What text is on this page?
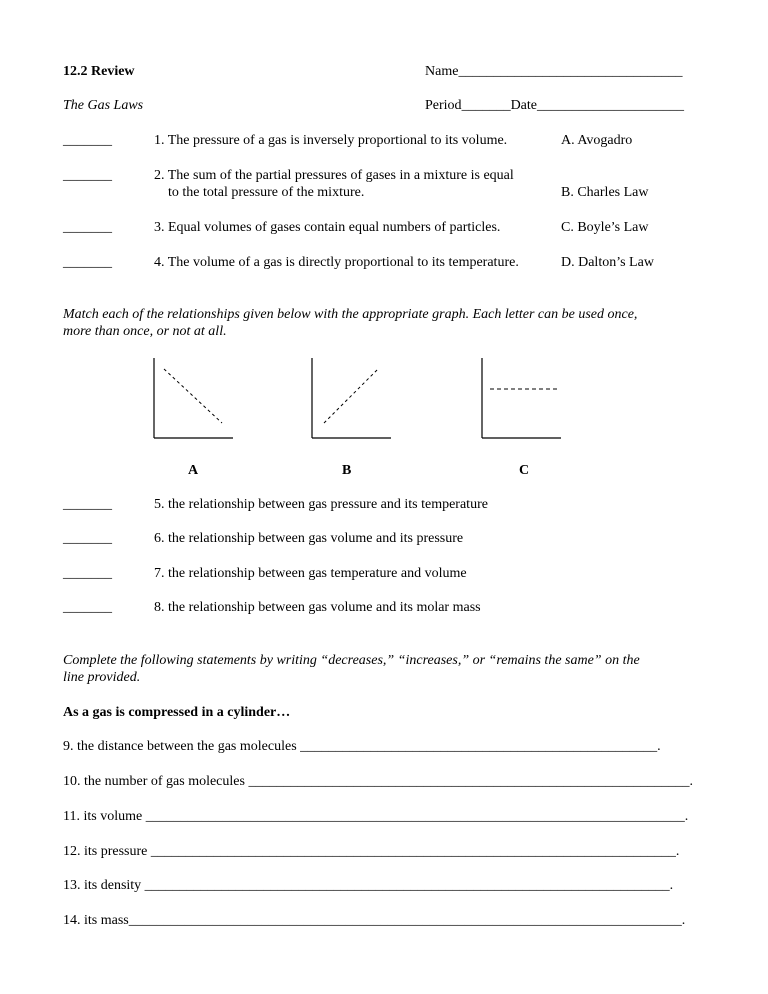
12.2 Review
The Gas Laws
Name________________________________
Period_______Date_____________________
_______	1. The pressure of a gas is inversely proportional to its volume.	A. Avogadro
_______	2. The sum of the partial pressures of gases in a mixture is equal
to the total pressure of the mixture.	B. Charles Law
_______	3. Equal volumes of gases contain equal numbers of particles.	C. Boyle’s Law
_______	4. The volume of a gas is directly proportional to its temperature.	D. Dalton’s Law
Match each of the relationships given below with the appropriate graph. Each letter can be used once,
more than once, or not at all.
A	B	C
_______	5. the relationship between gas pressure and its temperature
_______	6. the relationship between gas volume and its pressure
_______	7. the relationship between gas temperature and volume
_______	8. the relationship between gas volume and its molar mass
Complete the following statements by writing “decreases,” “increases,” or “remains the same” on the
line provided.
As a gas is compressed in a cylinder…
9. the distance between the gas molecules ___________________________________________________.
10. the number of gas molecules _______________________________________________________________.
11. its volume _____________________________________________________________________________.
12. its pressure ___________________________________________________________________________.
13. its density ___________________________________________________________________________.
14. its mass_______________________________________________________________________________.
